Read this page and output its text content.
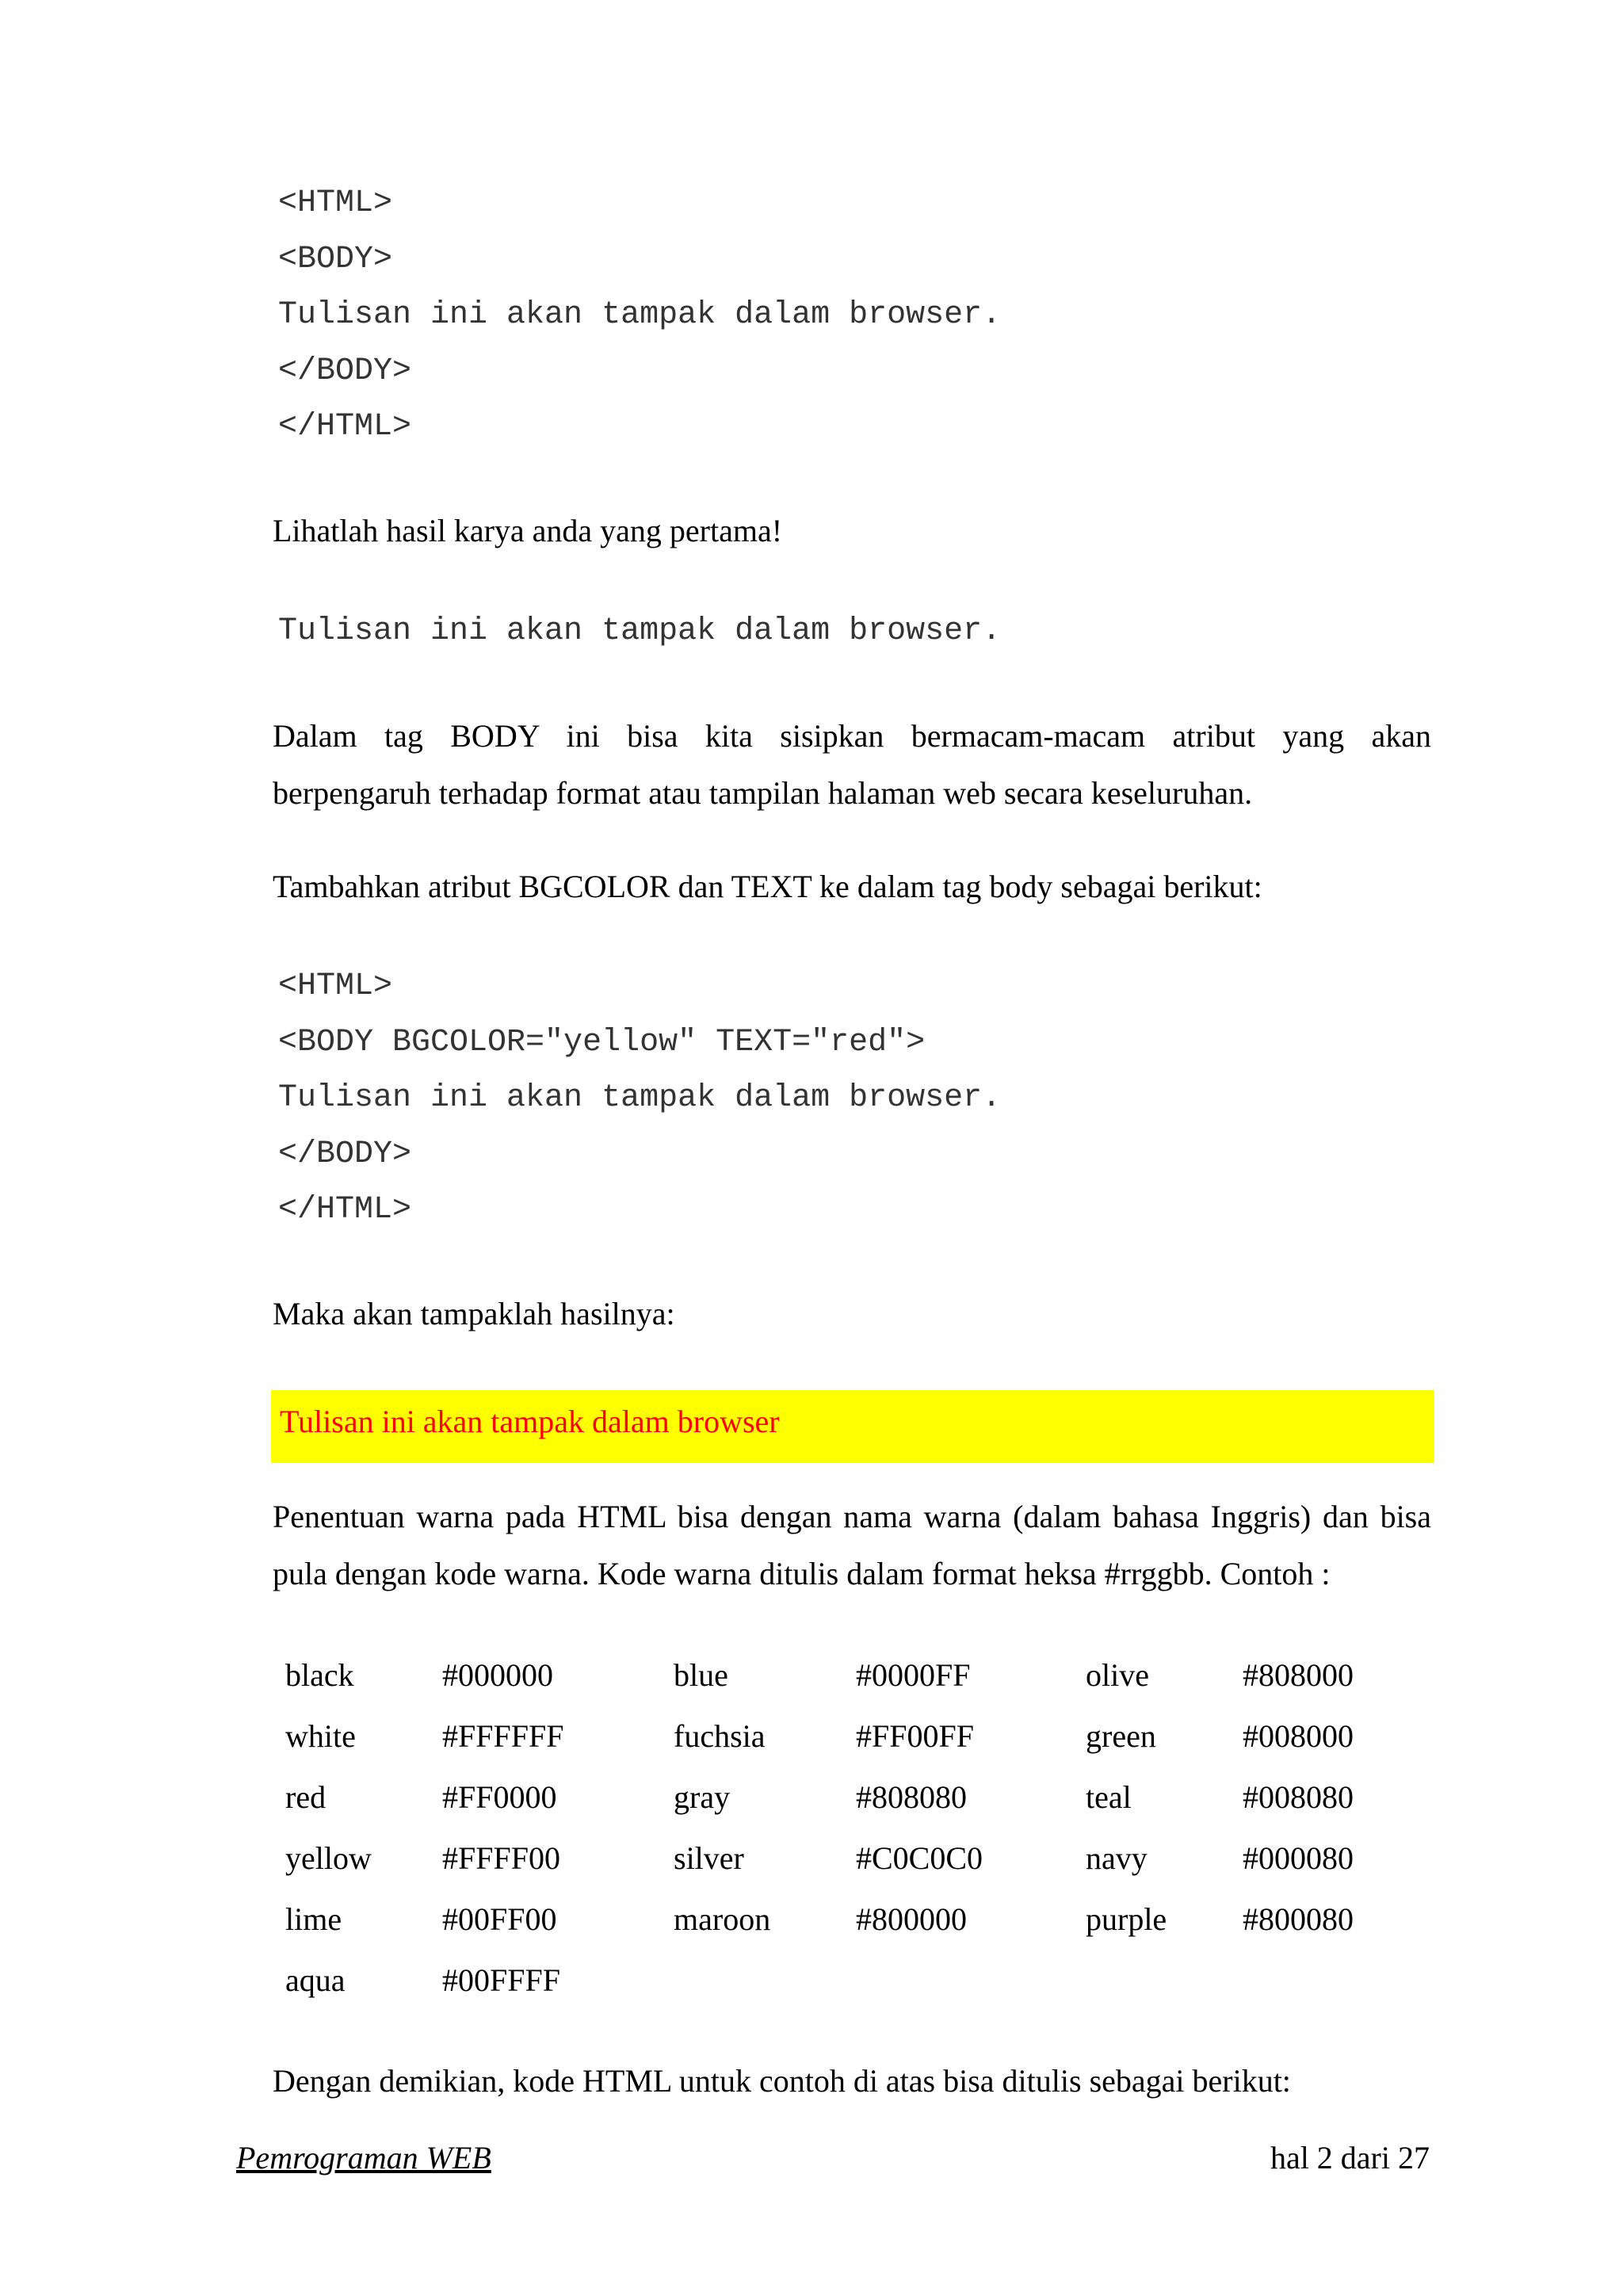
<HTML>
<BODY>
Tulisan ini akan tampak dalam browser.
</BODY>
</HTML>

Lihatlah hasil karya anda yang pertama!

Tulisan ini akan tampak dalam browser.
Dalam tag BODY ini bisa kita sisipkan bermacam-macam atribut yang akan
berpengaruh terhadap format atau tampilan halaman web secara keseluruhan.

Tambahkan atribut BGCOLOR dan TEXT ke dalam tag body sebagai berikut:

<HTML>
<BODY BGCOLOR="yellow" TEXT="red">
Tulisan ini akan tampak dalam browser.
</BODY>
</HTML>

Maka akan tampaklah hasilnya:

Tulisan ini akan tampak dalam browser
Penentuan warna pada HTML bisa dengan nama warna (dalam bahasa Inggris) dan bisa
pula dengan kode warna. Kode warna ditulis dalam format heksa #rrggbb. Contoh :
black	#000000	blue	#0000FF	olive	#808000
white	#FFFFFF	fuchsia	#FF00FF	green	#008000
red	#FF0000	gray	#808080	teal	#008080
yellow #FFFF00	silver	#C0C0C0	navy	#000080
lime	#00FF00	maroon	#800000	purple #800080
aqua	#00FFFF

Dengan demikian, kode HTML untuk contoh di atas bisa ditulis sebagai berikut:

Pemrograman WEB	hal 2 dari 27
